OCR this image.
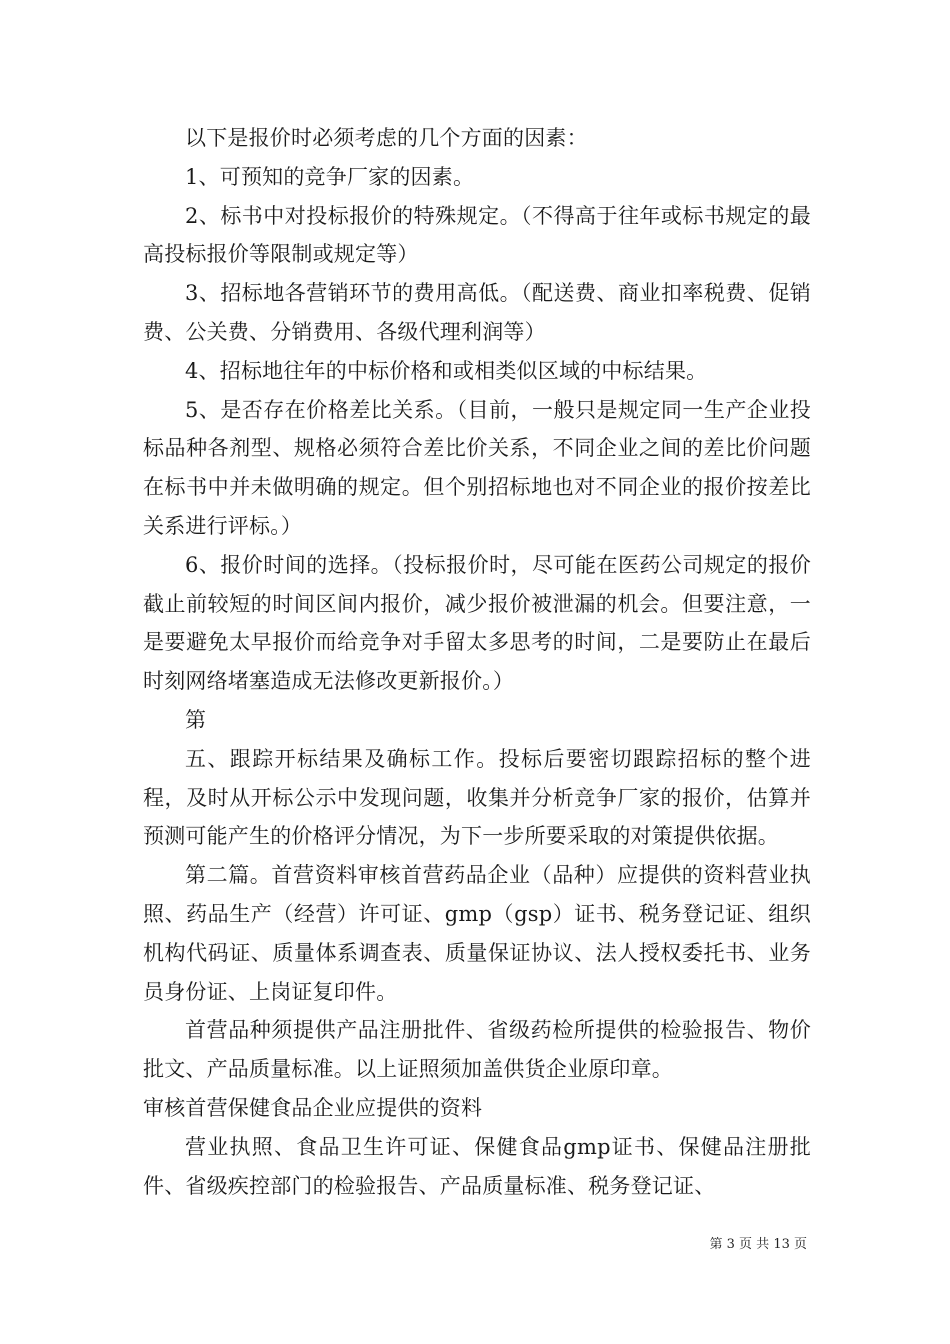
以下是报价时必须考虑的几个方面的因素：

1、可预知的竞争厂家的因素。

2、标书中对投标报价的特殊规定。（不得高于往年或标书规定的最高投标报价等限制或规定等）

3、招标地各营销环节的费用高低。（配送费、商业扣率税费、促销费、公关费、分销费用、各级代理利润等）

4、招标地往年的中标价格和或相类似区域的中标结果。

5、是否存在价格差比关系。（目前，一般只是规定同一生产企业投标品种各剂型、规格必须符合差比价关系，不同企业之间的差比价问题在标书中并未做明确的规定。但个别招标地也对不同企业的报价按差比关系进行评标。）

6、报价时间的选择。（投标报价时，尽可能在医药公司规定的报价截止前较短的时间区间内报价，减少报价被泄漏的机会。但要注意，一是要避免太早报价而给竞争对手留太多思考的时间，二是要防止在最后时刻网络堵塞造成无法修改更新报价。）

第

五、跟踪开标结果及确标工作。投标后要密切跟踪招标的整个进程，及时从开标公示中发现问题，收集并分析竞争厂家的报价，估算并预测可能产生的价格评分情况，为下一步所要采取的对策提供依据。

第二篇。首营资料审核首营药品企业（品种）应提供的资料营业执照、药品生产（经营）许可证、gmp（gsp）证书、税务登记证、组织机构代码证、质量体系调查表、质量保证协议、法人授权委托书、业务员身份证、上岗证复印件。

首营品种须提供产品注册批件、省级药检所提供的检验报告、物价批文、产品质量标准。以上证照须加盖供货企业原印章。

审核首营保健食品企业应提供的资料

营业执照、食品卫生许可证、保健食品gmp证书、保健品注册批件、省级疾控部门的检验报告、产品质量标准、税务登记证、

第 3 页 共 13 页
